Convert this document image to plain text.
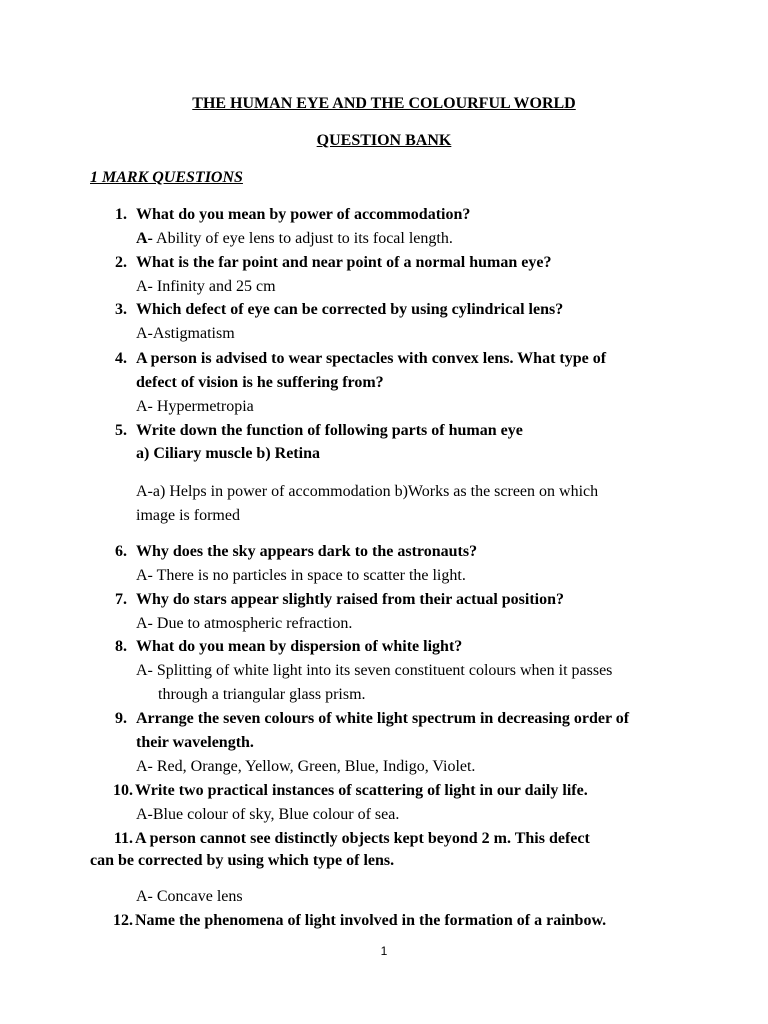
THE HUMAN EYE AND THE COLOURFUL WORLD
QUESTION BANK
1 MARK QUESTIONS
1. What do you mean by power of accommodation?
A- Ability of eye lens to adjust to its focal length.
2. What is the far point and near point of a normal human eye?
A- Infinity and 25 cm
3. Which defect of eye can be corrected by using cylindrical lens?
A-Astigmatism
4. A person is advised to wear spectacles with convex lens. What type of
defect of vision is he suffering from?
A- Hypermetropia
5. Write down the function of following parts of human eye
a) Ciliary muscle b) Retina
A-a) Helps in power of accommodation b)Works as the screen on which
image is formed
6. Why does the sky appears dark to the astronauts?
A- There is no particles in space to scatter the light.
7. Why do stars appear slightly raised from their actual position?
A- Due to atmospheric refraction.
8. What do you mean by dispersion of white light?
A- Splitting of white light into its seven constituent colours when it passes
through a triangular glass prism.
9. Arrange the seven colours of white light spectrum in decreasing order of
their wavelength.
A- Red, Orange, Yellow, Green, Blue, Indigo, Violet.
10. Write two practical instances of scattering of light in our daily life.
A-Blue colour of sky, Blue colour of sea.
11. A person cannot see distinctly objects kept beyond 2 m. This defect
can be corrected by using which type of lens.
A- Concave lens
12. Name the phenomena of light involved in the formation of a rainbow.
1
